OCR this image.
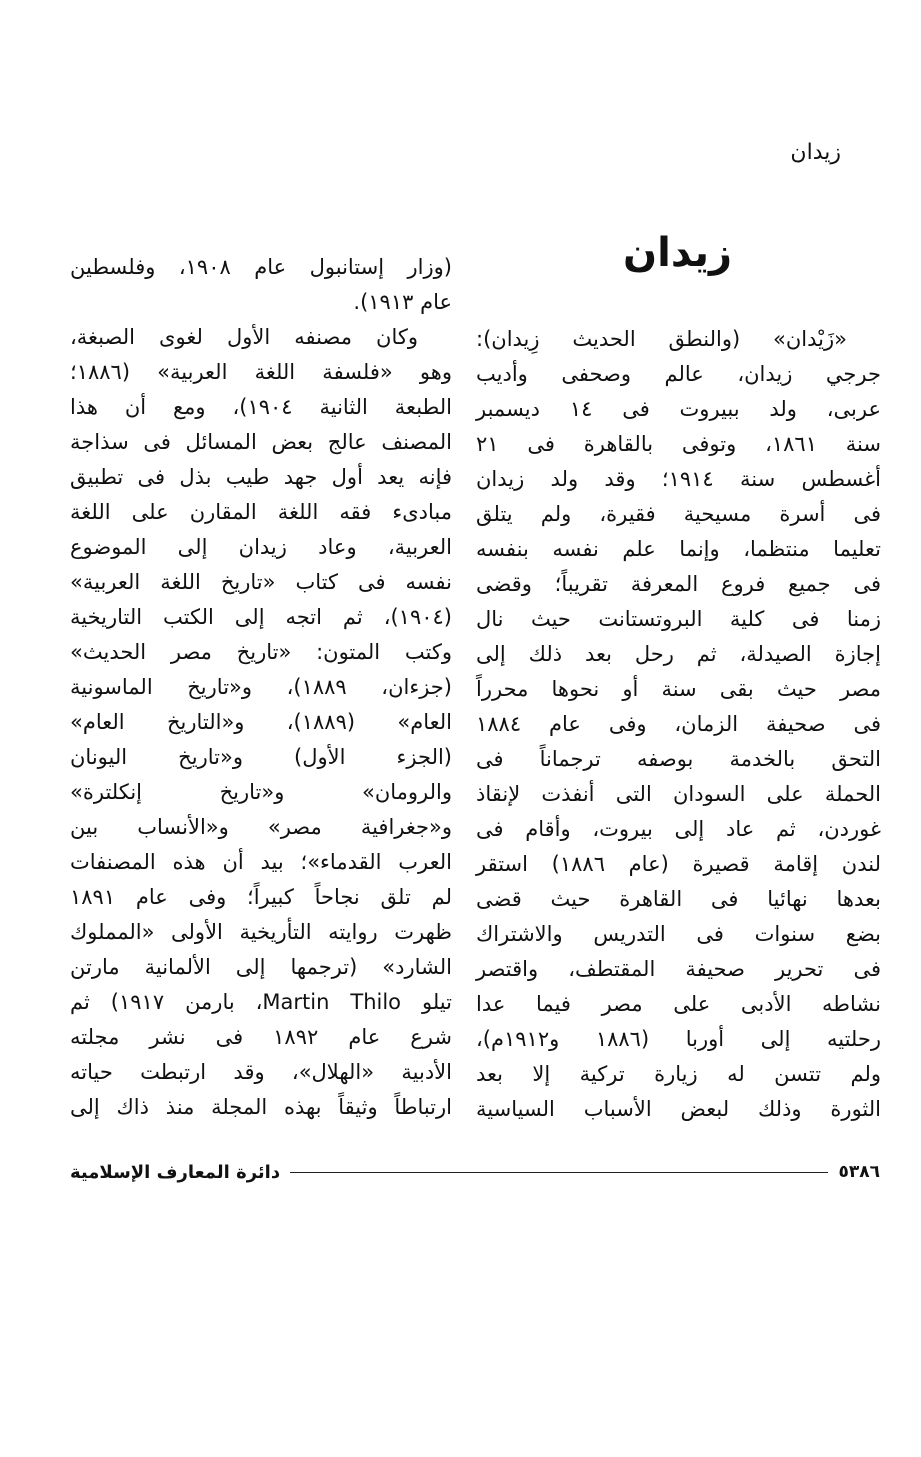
زيدان
زيدان
«زَيْدان» (والنطق الحديث زِيدان):
جرجي زيدان، عالم وصحفى وأديب
عربى، ولد ببيروت فى ١٤ ديسمبر
سنة ١٨٦١، وتوفى بالقاهرة فى ٢١
أغسطس سنة ١٩١٤؛ وقد ولد زيدان
فى أسرة مسيحية فقيرة، ولم يتلق
تعليما منتظما، وإنما علم نفسه بنفسه
فى جميع فروع المعرفة تقريباً؛ وقضى
زمنا فى كلية البروتستانت حيث نال
إجازة الصيدلة، ثم رحل بعد ذلك إلى
مصر حيث بقى سنة أو نحوها محرراً
فى صحيفة الزمان، وفى عام ١٨٨٤
التحق بالخدمة بوصفه ترجماناً فى
الحملة على السودان التى أنفذت لإنقاذ
غوردن، ثم عاد إلى بيروت، وأقام فى
لندن إقامة قصيرة (عام ١٨٨٦) استقر
بعدها نهائيا فى القاهرة حيث قضى
بضع سنوات فى التدريس والاشتراك
فى تحرير صحيفة المقتطف، واقتصر
نشاطه الأدبى على مصر فيما عدا
رحلتيه إلى أوربا (١٨٨٦ و١٩١٢م)،
ولم تتسن له زيارة تركية إلا بعد
الثورة وذلك لبعض الأسباب السياسية
(وزار إستانبول عام ١٩٠٨، وفلسطين
عام ١٩١٣).
وكان مصنفه الأول لغوى الصبغة،
وهو «فلسفة اللغة العربية» (١٨٨٦؛
الطبعة الثانية ١٩٠٤)، ومع أن هذا
المصنف عالج بعض المسائل فى سذاجة
فإنه يعد أول جهد طيب بذل فى تطبيق
مبادىء فقه اللغة المقارن على اللغة
العربية، وعاد زيدان إلى الموضوع
نفسه فى كتاب «تاريخ اللغة العربية»
(١٩٠٤)، ثم اتجه إلى الكتب التاريخية
وكتب المتون: «تاريخ مصر الحديث»
(جزءان، ١٨٨٩)، و«تاريخ الماسونية
العام» (١٨٨٩)، و«التاريخ العام»
(الجزء الأول) و«تاريخ اليونان
والرومان» و«تاريخ إنكلترة»
و«جغرافية مصر» و«الأنساب بين
العرب القدماء»؛ بيد أن هذه المصنفات
لم تلق نجاحاً كبيراً؛ وفى عام ١٨٩١
ظهرت روايته التأريخية الأولى «المملوك
الشارد» (ترجمها إلى الألمانية مارتن
تيلو Martin Thilo، بارمن ١٩١٧) ثم
شرع عام ١٨٩٢ فى نشر مجلته
الأدبية «الهلال»، وقد ارتبطت حياته
ارتباطاً وثيقاً بهذه المجلة منذ ذاك إلى
٥٣٨٦
دائرة المعارف الإسلامية
